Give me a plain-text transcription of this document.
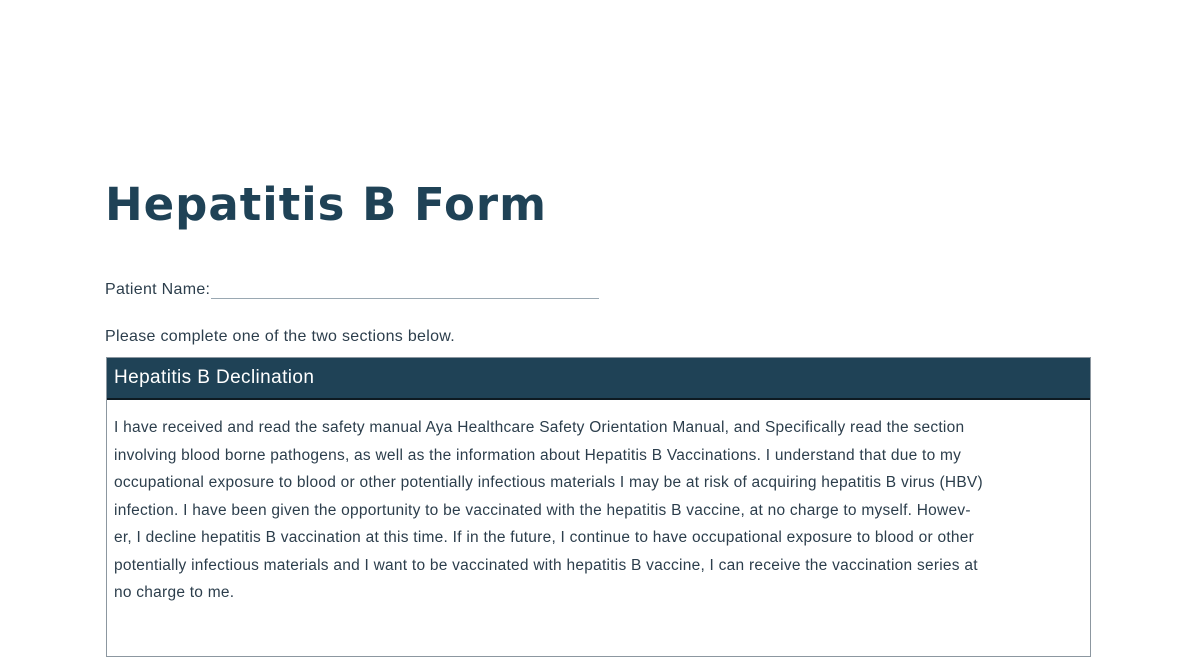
Hepatitis B Form
Patient Name:

Please complete one of the two sections below.

Hepatitis B Declination
I have received and read the safety manual Aya Healthcare Safety Orientation Manual, and Specifically read the section
involving blood borne pathogens, as well as the information about Hepatitis B Vaccinations. I understand that due to my
occupational exposure to blood or other potentially infectious materials I may be at risk of acquiring hepatitis B virus (HBV)
infection. I have been given the opportunity to be vaccinated with the hepatitis B vaccine, at no charge to myself. Howev-
er, I decline hepatitis B vaccination at this time. If in the future, I continue to have occupational exposure to blood or other
potentially infectious materials and I want to be vaccinated with hepatitis B vaccine, I can receive the vaccination series at
no charge to me.
